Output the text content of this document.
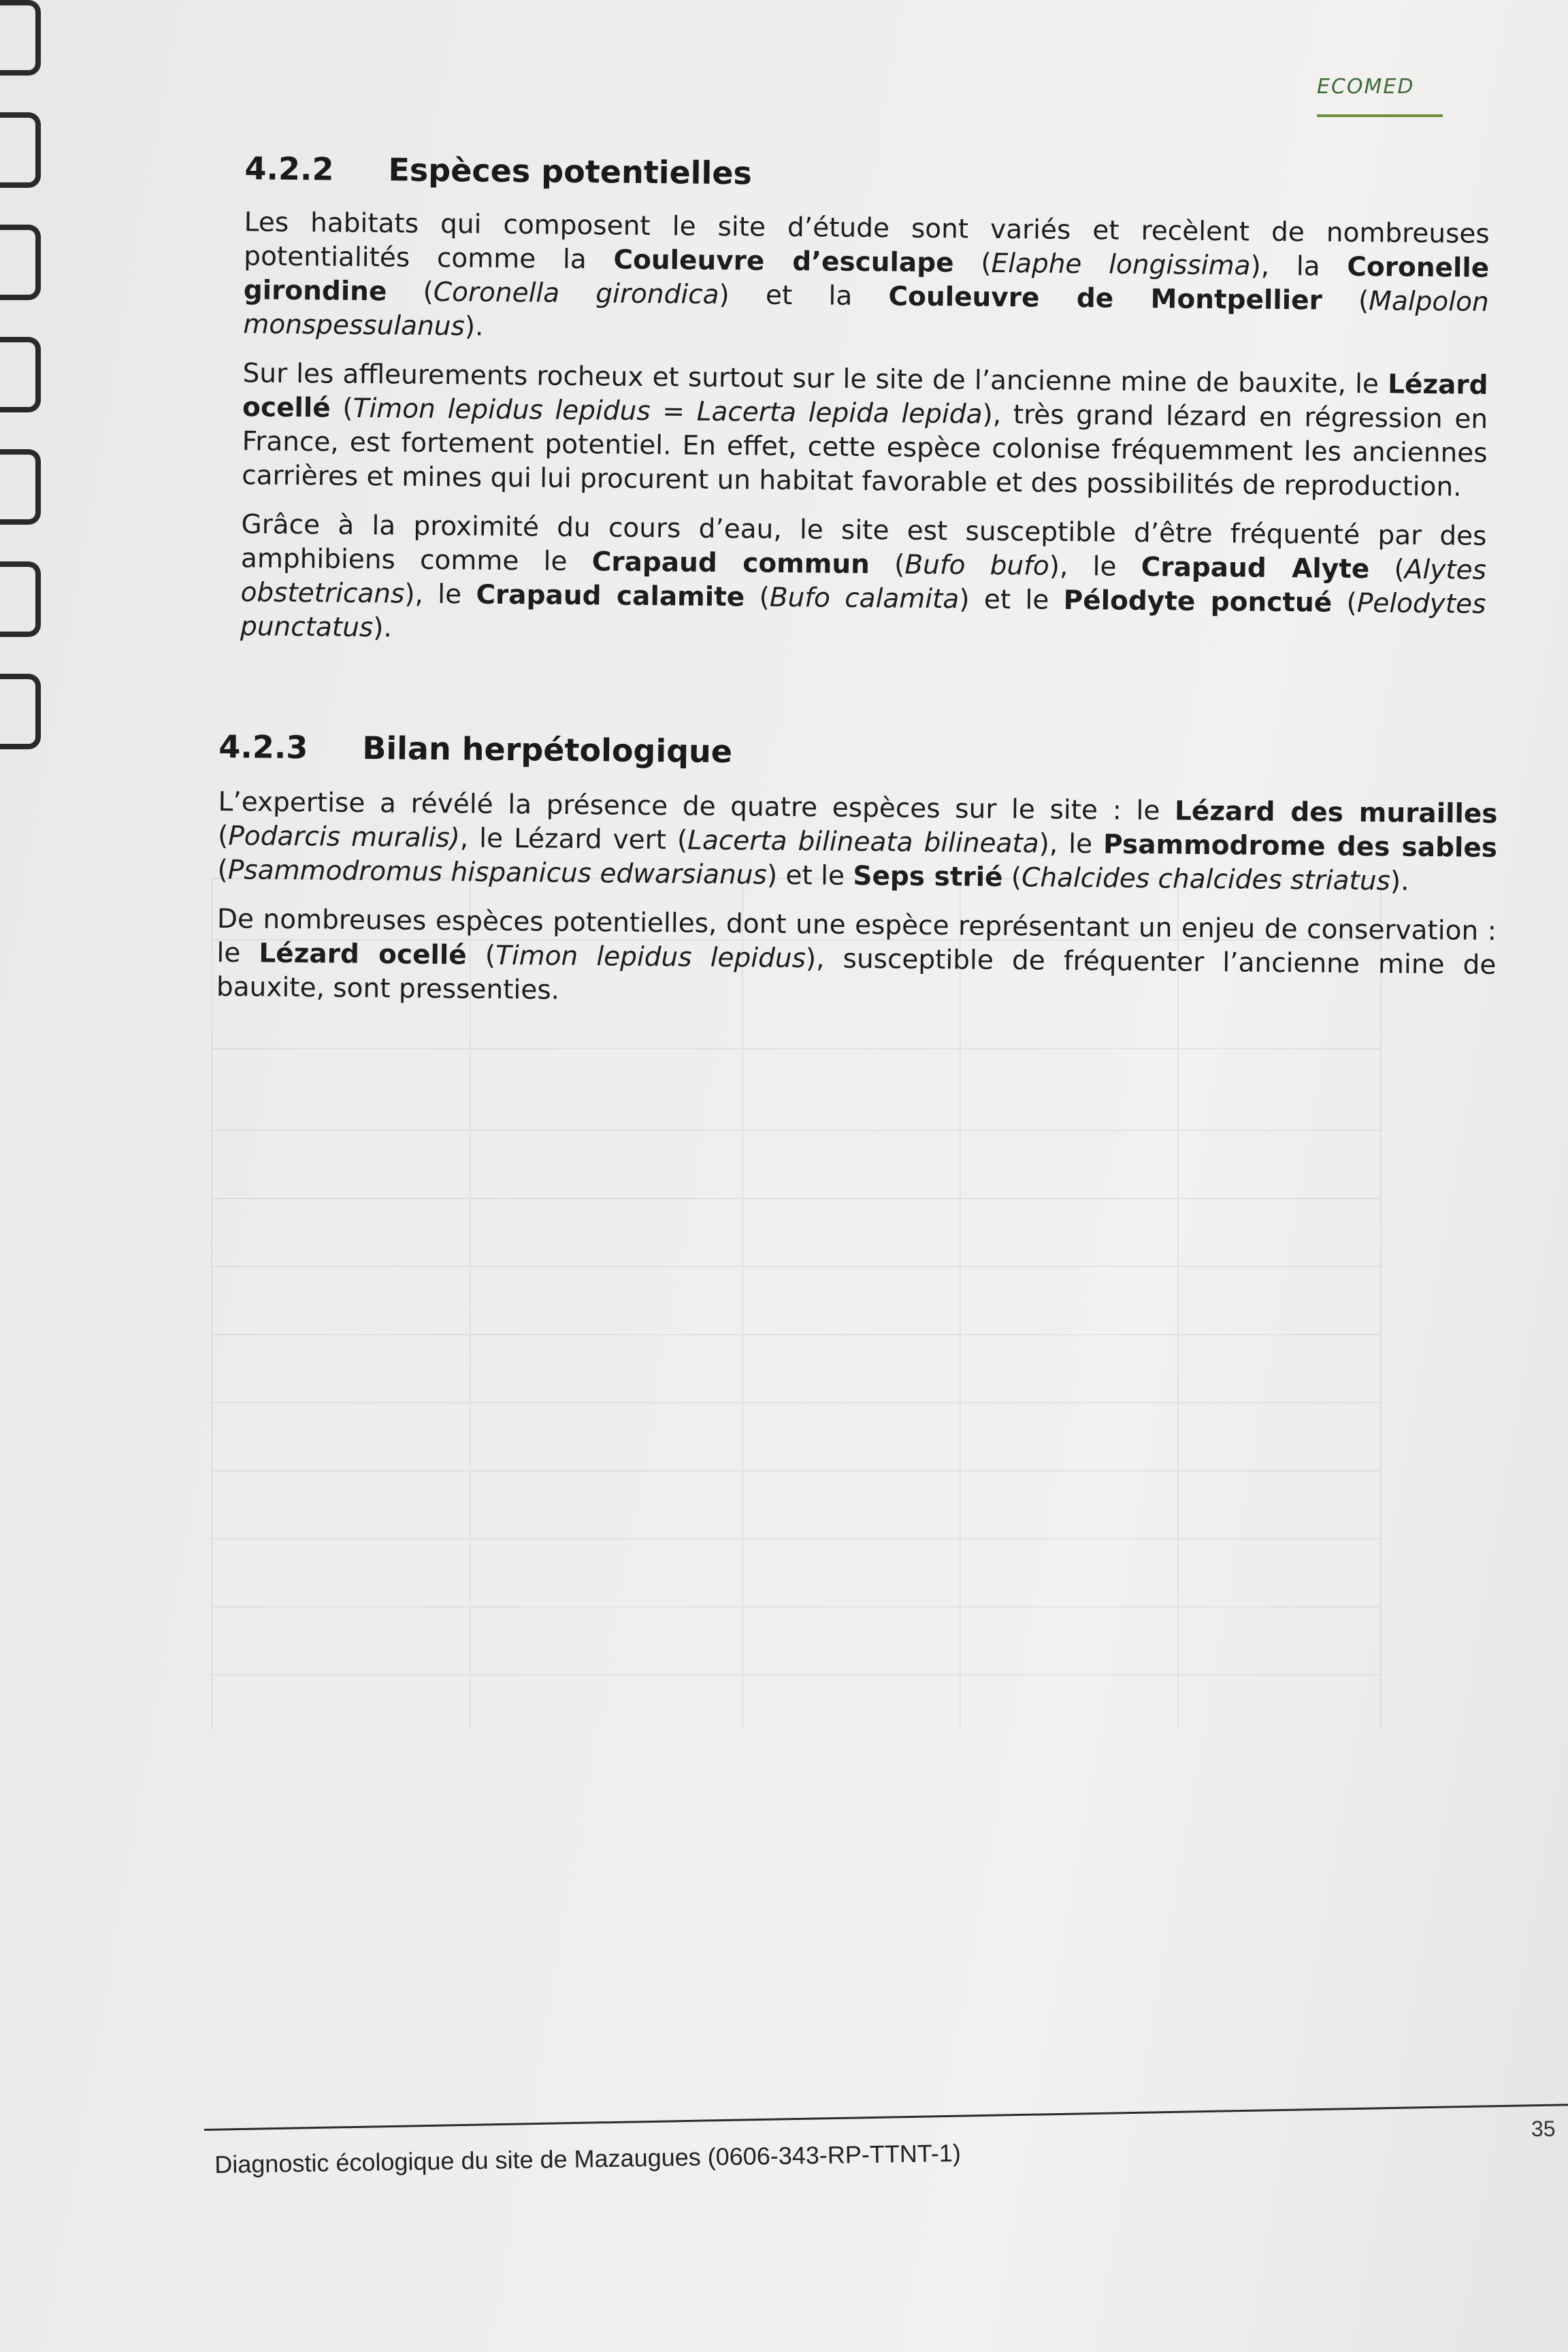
ECOMED
4.2.2 Espèces potentielles

Les habitats qui composent le site d’étude sont variés et recèlent de nombreuses potentialités comme la Couleuvre d’esculape (Elaphe longissima), la Coronelle girondine (Coronella girondica) et la Couleuvre de Montpellier (Malpolon monspessulanus).

Sur les affleurements rocheux et surtout sur le site de l’ancienne mine de bauxite, le Lézard ocellé (Timon lepidus lepidus = Lacerta lepida lepida), très grand lézard en régression en France, est fortement potentiel. En effet, cette espèce colonise fréquemment les anciennes carrières et mines qui lui procurent un habitat favorable et des possibilités de reproduction.

Grâce à la proximité du cours d’eau, le site est susceptible d’être fréquenté par des amphibiens comme le Crapaud commun (Bufo bufo), le Crapaud Alyte (Alytes obstetricans), le Crapaud calamite (Bufo calamita) et le Pélodyte ponctué (Pelodytes punctatus).

4.2.3 Bilan herpétologique

L’expertise a révélé la présence de quatre espèces sur le site : le Lézard des murailles (Podarcis muralis), le Lézard vert (Lacerta bilineata bilineata), le Psammodrome des sables (Psammodromus hispanicus edwarsianus) et le Seps strié (Chalcides chalcides striatus).

De nombreuses espèces potentielles, dont une espèce représentant un enjeu de conservation : le Lézard ocellé (Timon lepidus lepidus), susceptible de fréquenter l’ancienne mine de bauxite, sont pressenties.

Diagnostic écologique du site de Mazaugues (0606-343-RP-TTNT-1)
35
